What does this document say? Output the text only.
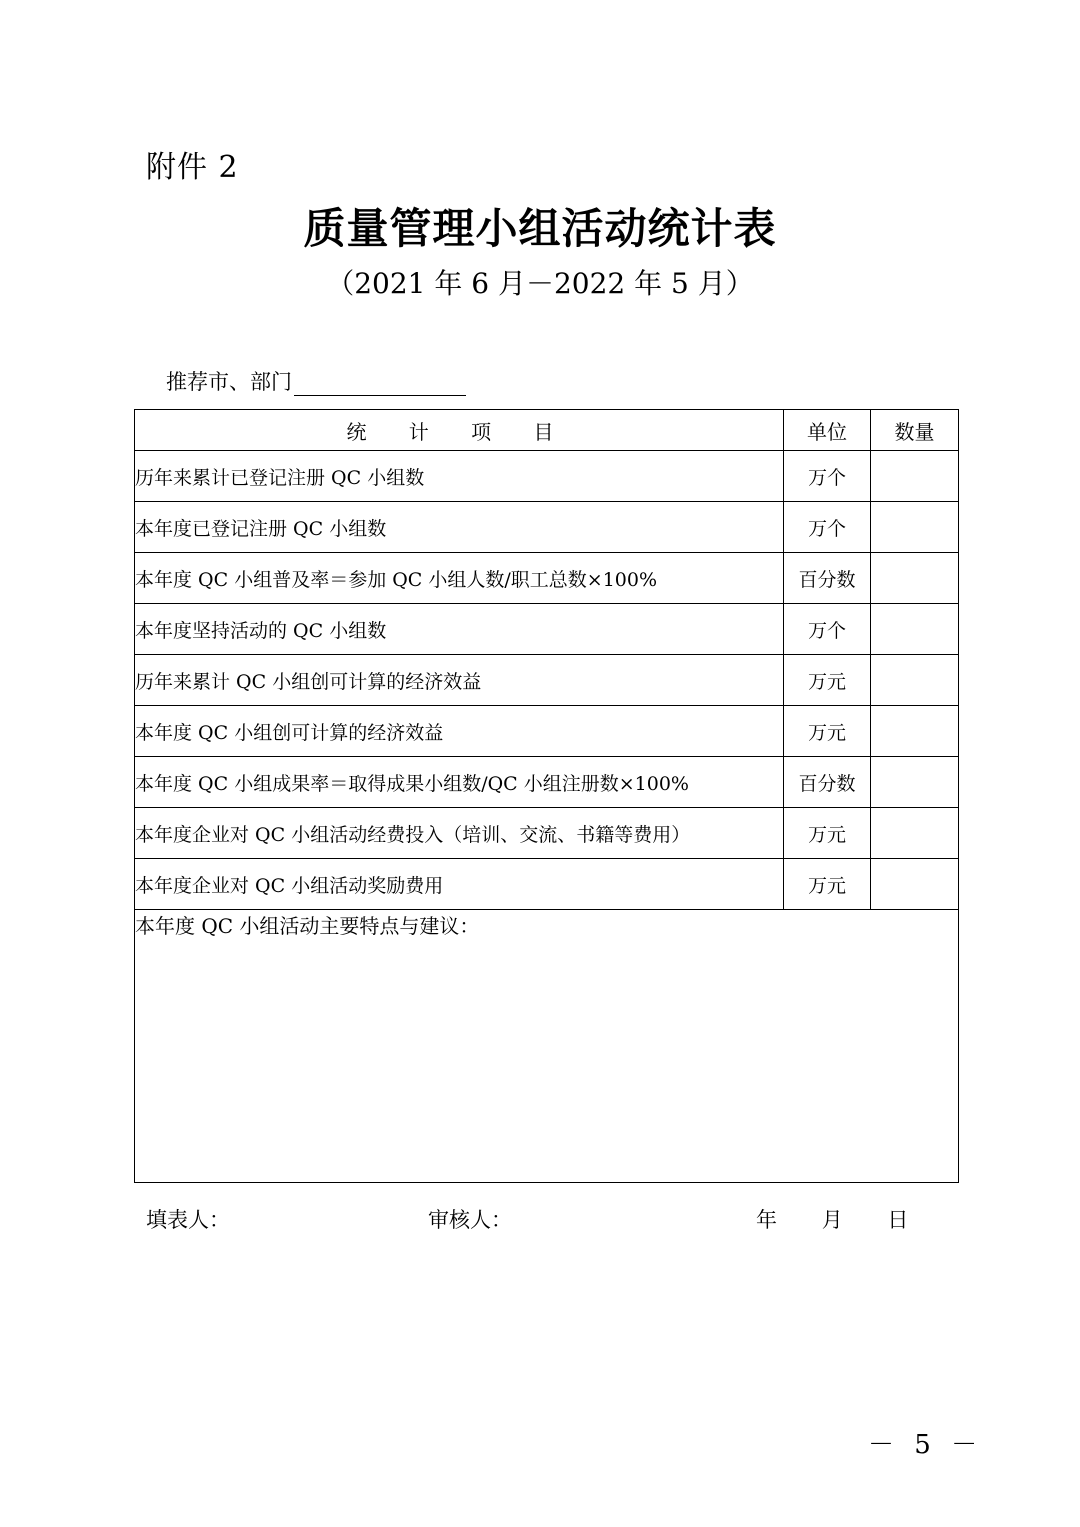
附件 2
质量管理小组活动统计表
（2021 年 6 月－2022 年 5 月）
推荐市、部门
统 计 项 目	单位	数量
历年来累计已登记注册 QC 小组数	万个	
本年度已登记注册 QC 小组数	万个	
本年度 QC 小组普及率＝参加 QC 小组人数/职工总数×100%	百分数	
本年度坚持活动的 QC 小组数	万个	
历年来累计 QC 小组创可计算的经济效益	万元	
本年度 QC 小组创可计算的经济效益	万元	
本年度 QC 小组成果率＝取得成果小组数/QC 小组注册数×100%	百分数	
本年度企业对 QC 小组活动经费投入（培训、交流、书籍等费用）	万元	
本年度企业对 QC 小组活动奖励费用	万元	
本年度 QC 小组活动主要特点与建议：		
填表人：	审核人：	年 月 日
－ 5 －
